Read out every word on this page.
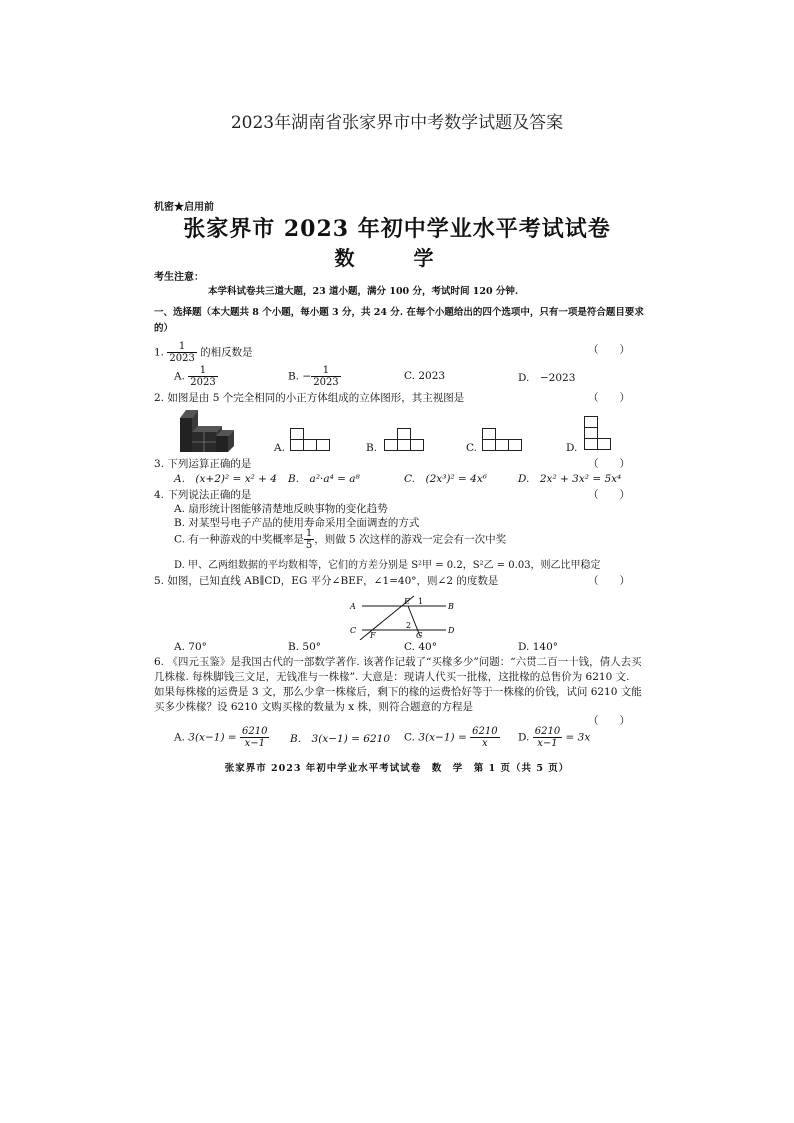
2023年湖南省张家界市中考数学试题及答案
机密★启用前
张家界市 2023 年初中学业水平考试试卷
数 学
考生注意：
本学科试卷共三道大题，23 道小题，满分 100 分，考试时间 120 分钟.
一、选择题（本大题共 8 个小题，每小题 3 分，共 24 分. 在每个小题给出的四个选项中，只有一项是符合题目要求的）
1. $\frac{1}{2023}$ 的相反数是	（　　）
A. $\frac{1}{2023}$	B. − $\frac{1}{2023}$	C. 2023	D.　−2023
2. 如图是由 5 个完全相同的小正方体组成的立体图形，其主视图是	（　　）
A.	B.	C.	D.
3. 下列运算正确的是	（　　）
A.　(x+2)² = x² + 4 B.　a²·a⁴ = a⁸	C.　(2x³)² = 4x⁶	D.　2x² + 3x² = 5x⁴
4. 下列说法正确的是	（　　）
A. 扇形统计图能够清楚地反映事物的变化趋势
B. 对某型号电子产品的使用寿命采用全面调查的方式
C. 有一种游戏的中奖概率是 $\frac{1}{5}$ ，则做 5 次这样的游戏一定会有一次中奖
D. 甲、乙两组数据的平均数相等，它们的方差分别是 S²甲 = 0.2，S²乙 = 0.03，则乙比甲稳定
5. 如图，已知直线 AB∥CD，EG 平分∠BEF，∠1=40°，则∠2 的度数是	（　　）
A	B
C	D
E
F	G
1
2
A. 70°	B. 50°	C. 40°	D. 140°
6. 《四元玉鉴》是我国古代的一部数学著作. 该著作记载了“买椽多少”问题：“六贯二百一十钱，倩人去买几株椽. 每株脚钱三文足，无钱准与一株椽”. 大意是：现请人代买一批椽，这批椽的总售价为 6210 文. 如果每株椽的运费是 3 文，那么少拿一株椽后，剩下的椽的运费恰好等于一株椽的价钱，试问 6210 文能买多少株椽？设 6210 文购买椽的数量为 x 株，则符合题意的方程是
（　　）
A. $3(x-1) = \frac{6210}{x-1} B$.　3(x−1) = 6210 C. $3(x-1) = \frac{6210}{x} D$. $\frac{6210}{x-1} = 3x$
张家界市 2023 年初中学业水平考试试卷　数　学　第 1 页（共 5 页）
